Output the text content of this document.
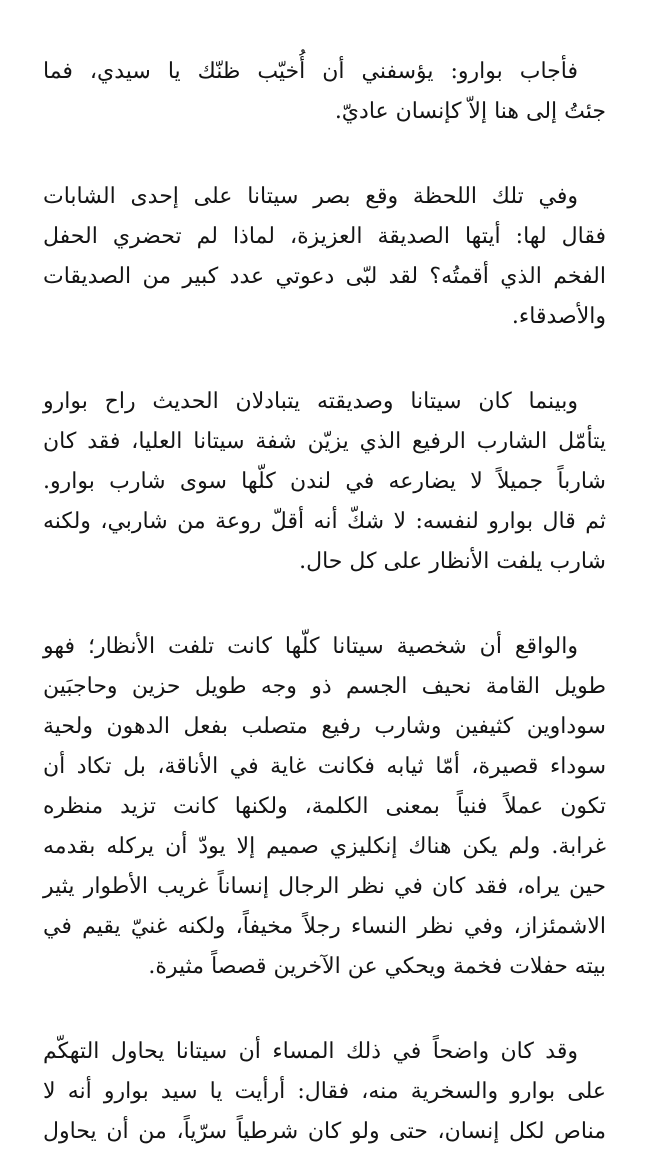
فأجاب بوارو: يؤسفني أن أُخيّب ظنّك يا سيدي، فما
جئتُ إلى هنا إلاّ كإنسان عاديّ.
وفي تلك اللحظة وقع بصر سيتانا على إحدى الشابات
فقال لها: أيتها الصديقة العزيزة، لماذا لم تحضري الحفل
الفخم الذي أقمتُه؟ لقد لبّى دعوتي عدد كبير من الصديقات
والأصدقاء.
وبينما كان سيتانا وصديقته يتبادلان الحديث راح بوارو
يتأمّل الشارب الرفيع الذي يزيّن شفة سيتانا العليا، فقد كان
شارباً جميلاً لا يضارعه في لندن كلّها سوى شارب بوارو.
ثم قال بوارو لنفسه: لا شكّ أنه أقلّ روعة من شاربي، ولكنه
شارب يلفت الأنظار على كل حال.
والواقع أن شخصية سيتانا كلّها كانت تلفت الأنظار؛ فهو
طويل القامة نحيف الجسم ذو وجه طويل حزين وحاجبَين
سوداوين كثيفين وشارب رفيع متصلب بفعل الدهون ولحية
سوداء قصيرة، أمّا ثيابه فكانت غاية في الأناقة، بل تكاد أن
تكون عملاً فنياً بمعنى الكلمة، ولكنها كانت تزيد منظره
غرابة. ولم يكن هناك إنكليزي صميم إلا يودّ أن يركله بقدمه
حين يراه، فقد كان في نظر الرجال إنساناً غريب الأطوار يثير
الاشمئزاز، وفي نظر النساء رجلاً مخيفاً، ولكنه غنيّ يقيم في
بيته حفلات فخمة ويحكي عن الآخرين قصصاً مثيرة.
وقد كان واضحاً في ذلك المساء أن سيتانا يحاول التهكّم
على بوارو والسخرية منه، فقال: أرأيت يا سيد بوارو أنه لا
مناص لكل إنسان، حتى ولو كان شرطياً سرّياً، من أن يحاول
